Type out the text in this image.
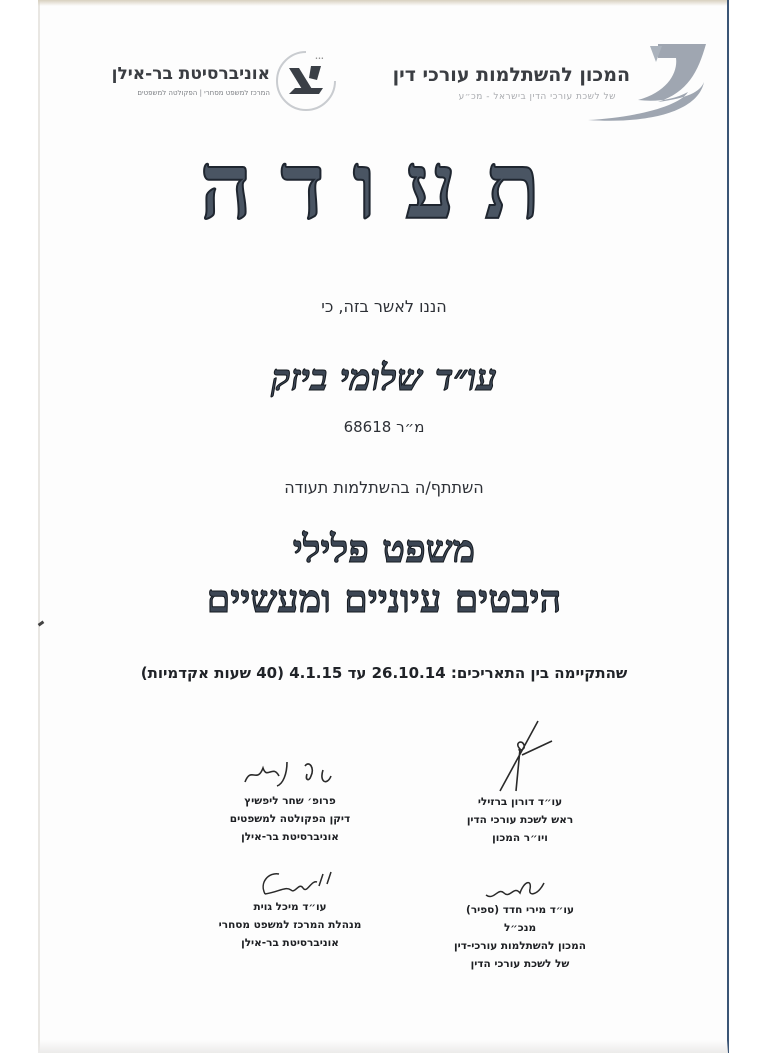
המכון להשתלמות עורכי דין
של לשכת עורכי הדין בישראל - מכ״ע
•••
אוניברסיטת בר-אילן
המרכז למשפט מסחרי | הפקולטה למשפטים
תעודה
הננו לאשר בזה, כי
עו״ד שלומי ביזק
מ״ר 68618
השתתף/ה בהשתלמות תעודה
משפט פלילי
היבטים עיוניים ומעשיים
שהתקיימה בין התאריכים: 26.10.14 עד 4.1.15 (40 שעות אקדמיות)
עו״ד דורון ברזילי
ראש לשכת עורכי הדין
ויו״ר המכון
פרופ׳ שחר ליפשיץ
דיקן הפקולטה למשפטים
אוניברסיטת בר-אילן
עו״ד מירי חדד (ספיר)
מנכ״ל
המכון להשתלמות עורכי-דין
של לשכת עורכי הדין
עו״ד מיכל גוית
מנהלת המרכז למשפט מסחרי
אוניברסיטת בר-אילן
